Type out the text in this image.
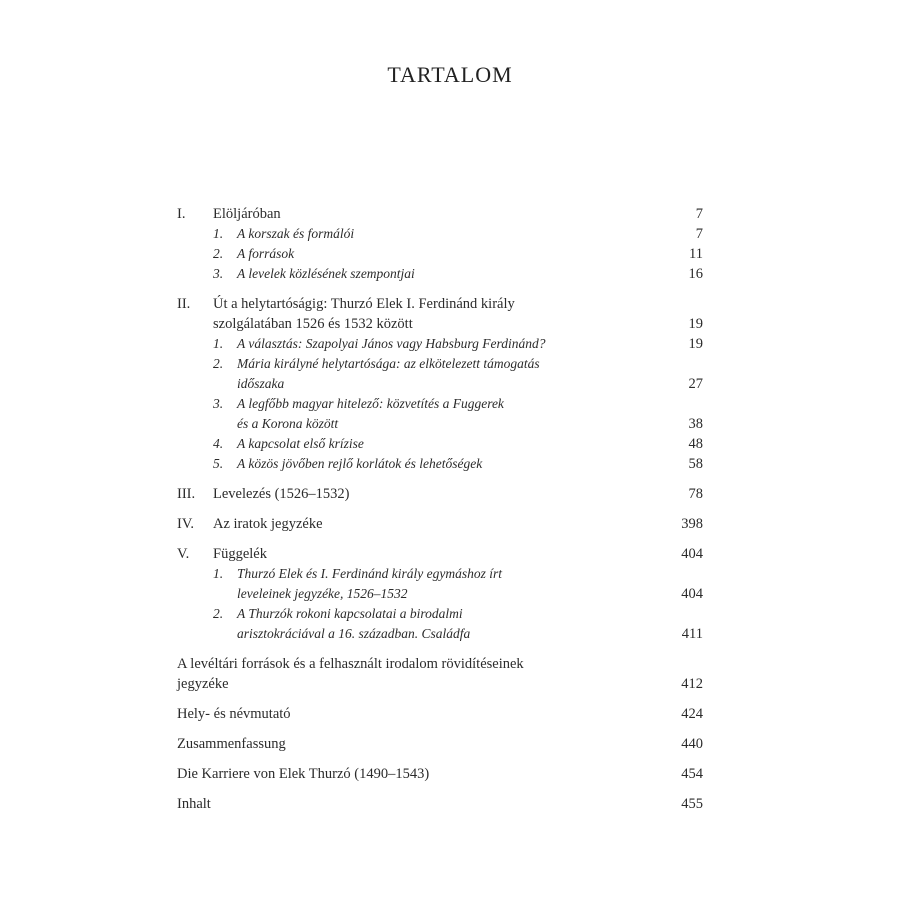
TARTALOM
I.	Elöljáróban	7
1.	A korszak és formálói	7
2.	A források	11
3.	A levelek közlésének szempontjai	16
II.	Út a helytartóságig: Thurzó Elek I. Ferdinánd király
szolgálatában 1526 és 1532 között	19
1.	A választás: Szapolyai János vagy Habsburg Ferdinánd?	19
2.	Mária királyné helytartósága: az elkötelezett támogatás
időszaka	27
3.	A legfőbb magyar hitelező: közvetítés a Fuggerek
és a Korona között	38
4.	A kapcsolat első krízise	48
5.	A közös jövőben rejlő korlátok és lehetőségek	58
III.	Levelezés (1526–1532)	78
IV.	Az iratok jegyzéke	398
V.	Függelék	404
1.	Thurzó Elek és I. Ferdinánd király egymáshoz írt
leveleinek jegyzéke, 1526–1532	404
2.	A Thurzók rokoni kapcsolatai a birodalmi
arisztokráciával a 16. században. Családfa	411
A levéltári források és a felhasznált irodalom rövidítéseinek
jegyzéke	412
Hely- és névmutató	424
Zusammenfassung	440
Die Karriere von Elek Thurzó (1490–1543)	454
Inhalt	455
